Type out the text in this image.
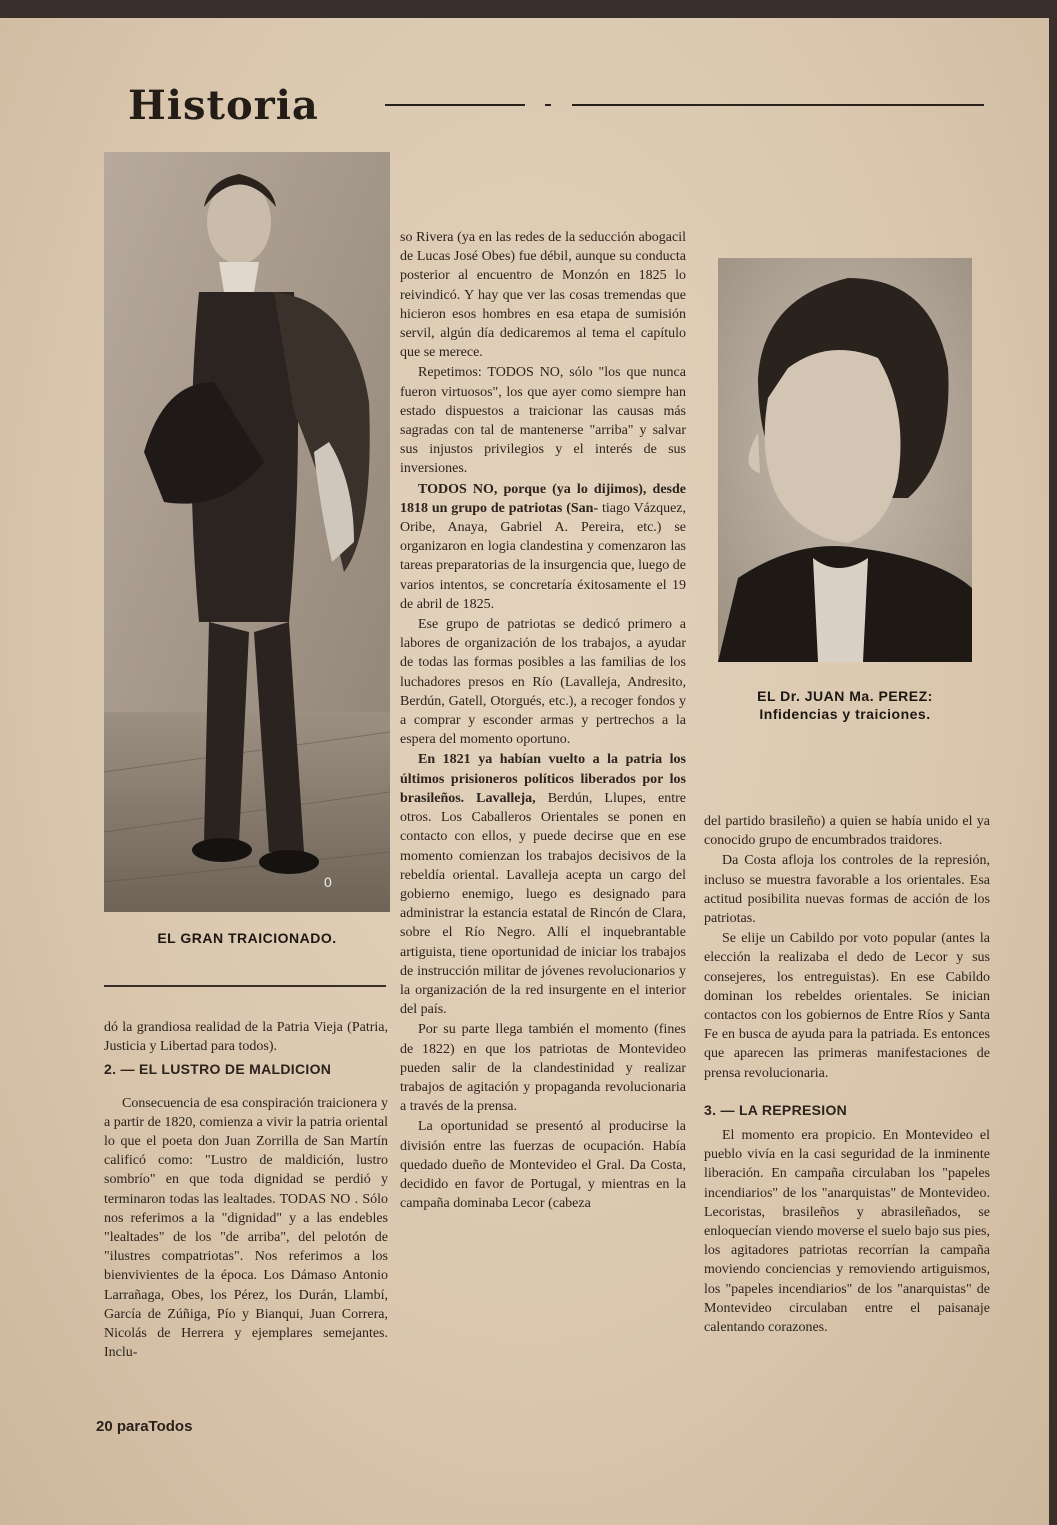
Historia
0
EL GRAN TRAICIONADO.
EL Dr. JUAN Ma. PEREZ:
Infidencias y traiciones.

dó la grandiosa realidad de la Patria Vieja (Patria, Justicia y Libertad para todos).

2. — EL LUSTRO DE MALDICION

Consecuencia de esa conspiración traicionera y a partir de 1820, comienza a vivir la patria oriental lo que el poeta don Juan Zorrilla de San Martín calificó como: "Lustro de maldición, lustro sombrío" en que toda dignidad se perdió y terminaron todas las lealtades. TODAS NO . Sólo nos referimos a la "dignidad" y a las endebles "lealtades" de los "de arriba", del pelotón de "ilustres compatriotas". Nos referimos a los bienvivientes de la época. Los Dámaso Antonio Larrañaga, Obes, los Pérez, los Durán, Llambí, García de Zúñiga, Pío y Bianqui, Juan Correra, Nicolás de Herrera y ejemplares semejantes. Inclu-

so Rivera (ya en las redes de la seducción abogacil de Lucas José Obes) fue débil, aunque su conducta posterior al encuentro de Monzón en 1825 lo reivindicó. Y hay que ver las cosas tremendas que hicieron esos hombres en esa etapa de sumisión servil, algún día dedicaremos al tema el capítulo que se merece.

Repetimos: TODOS NO, sólo "los que nunca fueron virtuosos", los que ayer como siempre han estado dispuestos a traicionar las causas más sagradas con tal de mantenerse "arriba" y salvar sus injustos privilegios y el interés de sus inversiones.

TODOS NO, porque (ya lo dijimos), desde 1818 un grupo de patriotas (San- tiago Vázquez, Oribe, Anaya, Gabriel A. Pereira, etc.) se organizaron en logia clandestina y comenzaron las tareas preparatorias de la insurgencia que, luego de varios intentos, se concretaría éxitosamente el 19 de abril de 1825.

Ese grupo de patriotas se dedicó primero a labores de organización de los trabajos, a ayudar de todas las formas posibles a las familias de los luchadores presos en Río (Lavalleja, Andresito, Berdún, Gatell, Otorgués, etc.), a recoger fondos y a comprar y esconder armas y pertrechos a la espera del momento oportuno.

En 1821 ya habían vuelto a la patria los últimos prisioneros políticos liberados por los brasileños. Lavalleja, Berdún, Llupes, entre otros. Los Caballeros Orientales se ponen en contacto con ellos, y puede decirse que en ese momento comienzan los trabajos decisivos de la rebeldía oriental. Lavalleja acepta un cargo del gobierno enemigo, luego es designado para administrar la estancia estatal de Rincón de Clara, sobre el Río Negro. Allí el inquebrantable artiguista, tiene oportunidad de iniciar los trabajos de instrucción militar de jóvenes revolucionarios y la organización de la red insurgente en el interior del país.

Por su parte llega también el momento (fines de 1822) en que los patriotas de Montevideo pueden salir de la clandestinidad y realizar trabajos de agitación y propaganda revolucionaria a través de la prensa.

La oportunidad se presentó al producirse la división entre las fuerzas de ocupación. Había quedado dueño de Montevideo el Gral. Da Costa, decidido en favor de Portugal, y mientras en la campaña dominaba Lecor (cabeza

del partido brasileño) a quien se había unido el ya conocido grupo de encumbrados traidores.

Da Costa afloja los controles de la represión, incluso se muestra favorable a los orientales. Esa actitud posibilita nuevas formas de acción de los patriotas.

Se elije un Cabildo por voto popular (antes la elección la realizaba el dedo de Lecor y sus consejeres, los entreguistas). En ese Cabildo dominan los rebeldes orientales. Se inician contactos con los gobiernos de Entre Ríos y Santa Fe en busca de ayuda para la patriada. Es entonces que aparecen las primeras manifestaciones de prensa revolucionaria.

3. — LA REPRESION

El momento era propicio. En Montevideo el pueblo vivía en la casi seguridad de la inminente liberación. En campaña circulaban los "papeles incendiarios" de los "anarquistas" de Montevideo. Lecoristas, brasileños y abrasileñados, se enloquecían viendo moverse el suelo bajo sus pies, los agitadores patriotas recorrían la campaña moviendo conciencias y removiendo artiguismos, los "papeles incendiarios" de los "anarquistas" de Montevideo circulaban entre el paisanaje calentando corazones.

20 paraTodos
